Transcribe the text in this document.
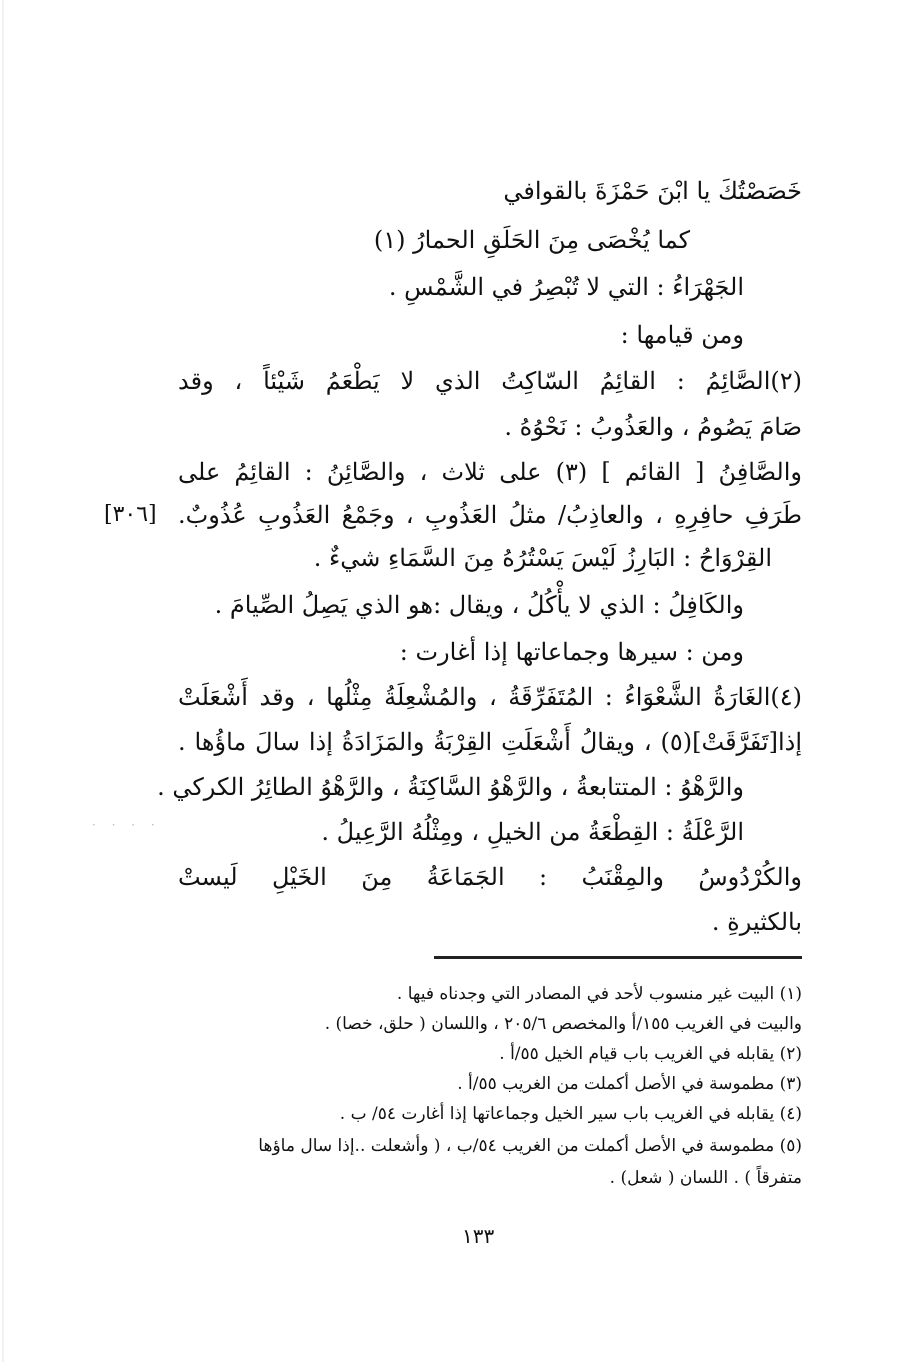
خَصَصْتُكَ يا ابْنَ حَمْزَةَ بالقوافي
كما يُخْصَى مِنَ الحَلَقِ الحمارُ (١)
الجَهْرَاءُ : التي لا تُبْصِرُ في الشَّمْسِ .
ومن قيامها :
(٢)الصَّائِمُ : القائِمُ السّاكِتُ الذي لا يَطْعَمُ شَيْئاً ، وقد
صَامَ يَصُومُ ، والعَذُوبُ : نَحْوُهُ .
والصَّافِنُ [ القائم ] (٣) على ثلاث ، والصَّائِنُ : القائِمُ على
طَرَفِ حافِرِهِ ، والعاذِبُ/ مثلُ العَذُوبِ ، وجَمْعُ العَذُوبِ عُذُوبٌ.
القِرْوَاحُ : البَارِزُ لَيْسَ يَسْتُرُهُ مِنَ السَّمَاءِ شيءٌ .
والكَافِلُ : الذي لا يأْكُلُ ، ويقال :هو الذي يَصِلُ الصِّيامَ .
ومن : سيرها وجماعاتها إذا أغارت :
(٤)الغَارَةُ الشَّعْوَاءُ : المُتَفَرِّقَةُ ، والمُشْعِلَةُ مِثْلُها ، وقد أَشْعَلَتْ
إذا[تَفَرَّقَتْ](٥) ، ويقالُ أَشْعَلَتِ القِرْبَةُ والمَزَادَةُ إذا سالَ ماؤُها .
والرَّهْوُ : المتتابعةُ ، والرَّهْوُ السَّاكِنَةُ ، والرَّهْوُ الطائِرُ الكركي .
الرَّعْلَةُ : القِطْعَةُ من الخيلِ ، ومِثْلُهُ الرَّعِيلُ .
والكُرْدُوسُ والمِقْنَبُ : الجَمَاعَةُ مِنَ الخَيْلِ لَيستْ
بالكثيرةِ .
[٣٠٦]
· · · ·
(١) البيت غير منسوب لأحد في المصادر التي وجدناه فيها .
والبيت في الغريب ١٥٥/أ والمخصص ٢٠٥/٦ ، واللسان ( حلق، خصا) .
(٢) يقابله في الغريب باب قيام الخيل ٥٥/أ .
(٣) مطموسة في الأصل أكملت من الغريب ٥٥/أ .
(٤) يقابله في الغريب باب سير الخيل وجماعاتها إذا أغارت ٥٤/ ب .
(٥) مطموسة في الأصل أكملت من الغريب ٥٤/ب ، ( وأشعلت ..إذا سال ماؤها
متفرقاً ) . اللسان ( شعل) .
١٣٣
